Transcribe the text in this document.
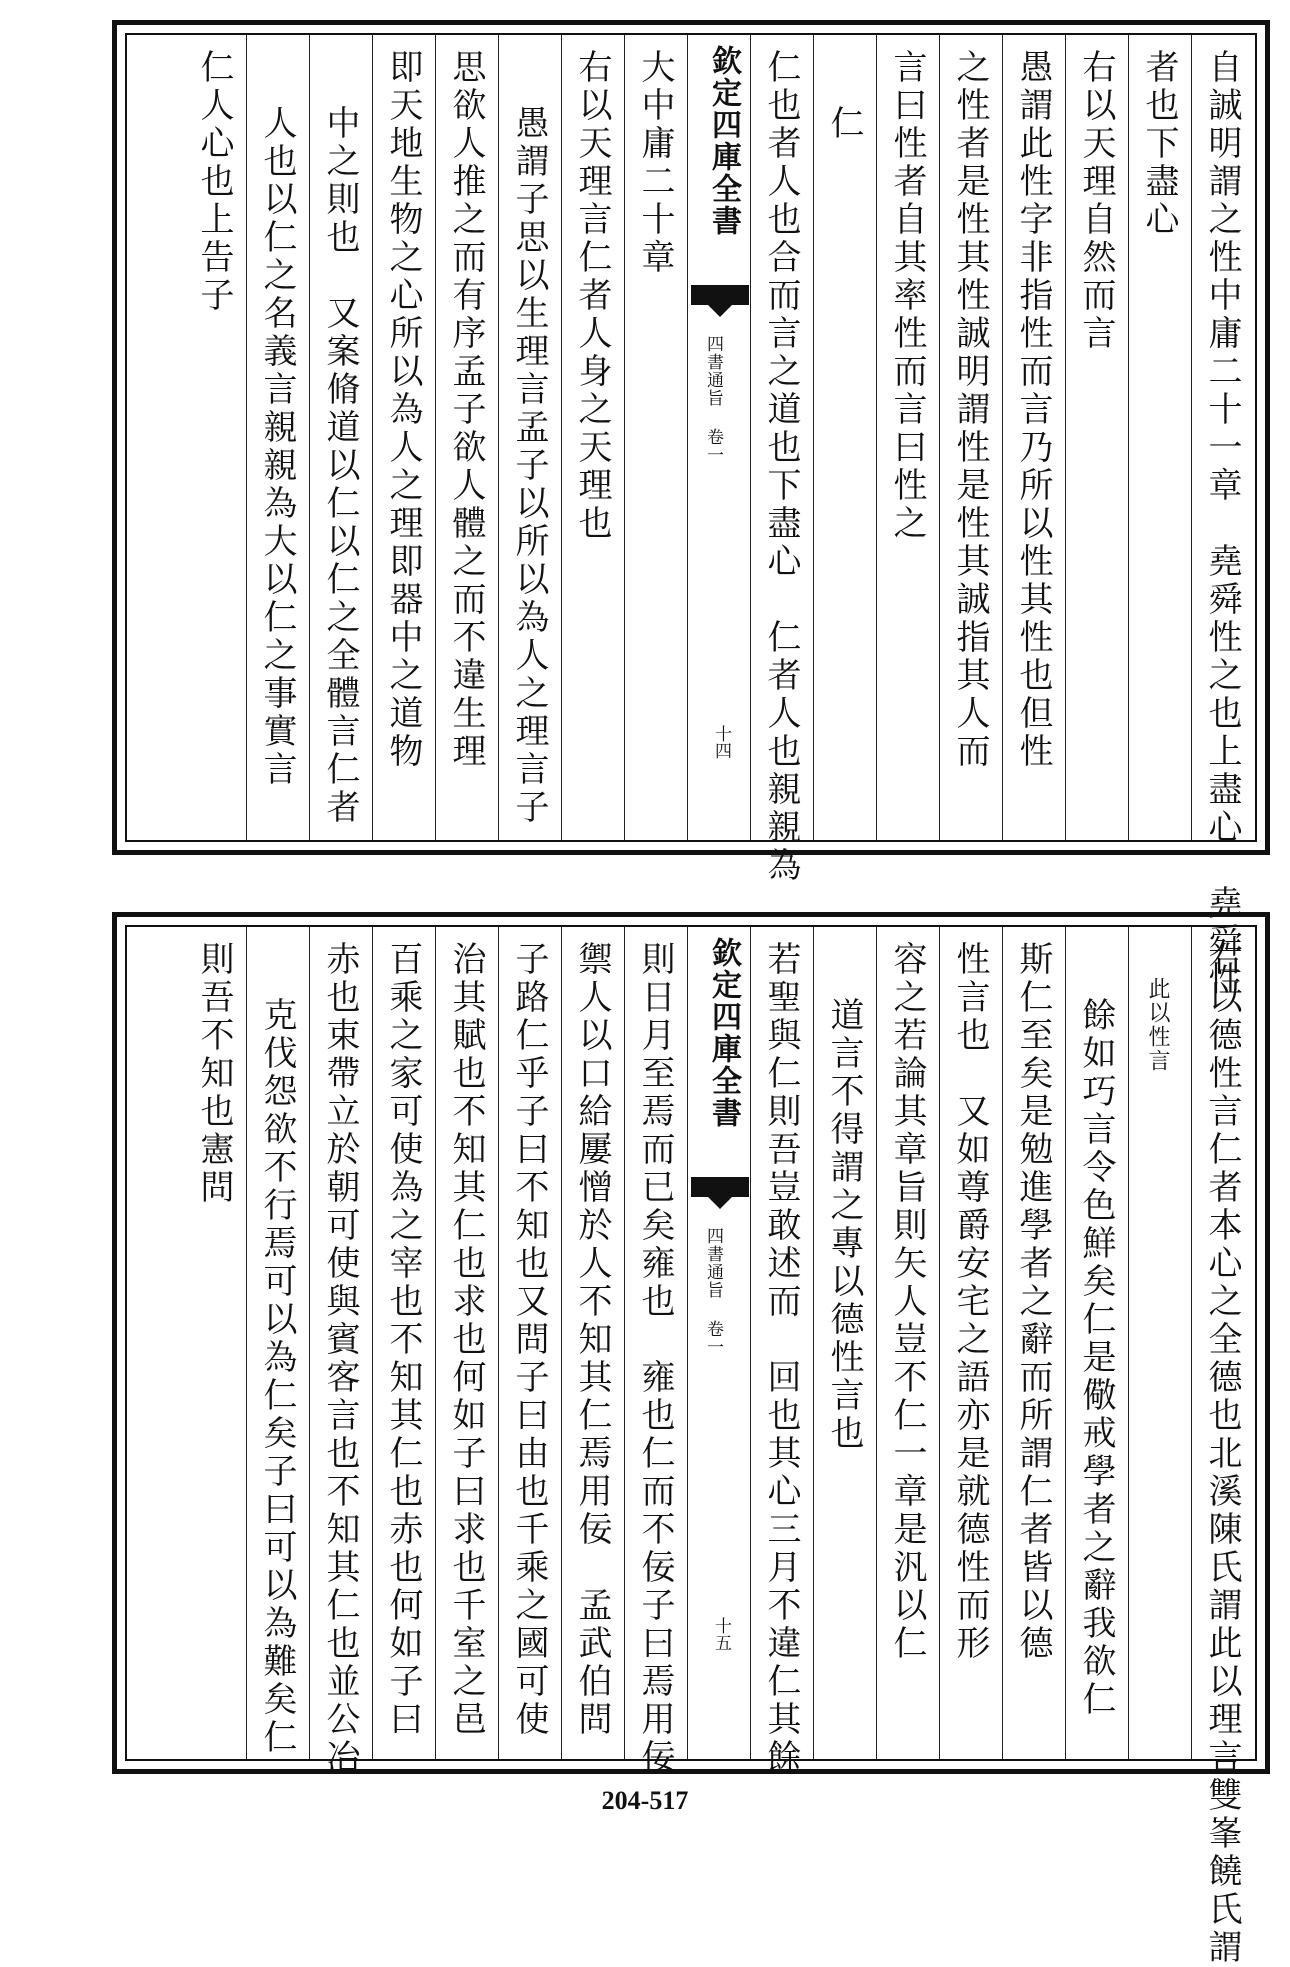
自誠明謂之性中庸二十一章　堯舜性之也上盡心　堯舜性
者也下盡心
右以天理自然而言
愚謂此性字非指性而言乃所以性其性也但性
之性者是性其性誠明謂性是性其誠指其人而
言曰性者自其率性而言曰性之
仁
仁也者人也合而言之道也下盡心　仁者人也親親為
欽定四庫全書
四書通旨 卷一
十四
大中庸二十章
右以天理言仁者人身之天理也
愚謂子思以生理言孟子以所以為人之理言子
思欲人推之而有序孟子欲人體之而不違生理
即天地生物之心所以為人之理即器中之道物
中之則也　又案脩道以仁以仁之全體言仁者
人也以仁之名義言親親為大以仁之事實言
仁人心也上告子
右以德性言仁者本心之全德也北溪陳氏謂此以理言雙峯饒氏謂
此以性言
餘如巧言令色鮮矣仁是儆戒學者之辭我欲仁
斯仁至矣是勉進學者之辭而所謂仁者皆以德
性言也　又如尊爵安宅之語亦是就德性而形
容之若論其章旨則矢人豈不仁一章是汎以仁
道言不得謂之專以德性言也
若聖與仁則吾豈敢述而　回也其心三月不違仁其餘
欽定四庫全書
四書通旨 卷一
十五
則日月至焉而已矣雍也　雍也仁而不佞子曰焉用佞
禦人以口給屢憎於人不知其仁焉用佞　孟武伯問
子路仁乎子曰不知也又問子曰由也千乘之國可使
治其賦也不知其仁也求也何如子曰求也千室之邑
百乘之家可使為之宰也不知其仁也赤也何如子曰
赤也束帶立於朝可使與賓客言也不知其仁也並公冶
克伐怨欲不行焉可以為仁矣子曰可以為難矣仁
則吾不知也憲問
204-517
